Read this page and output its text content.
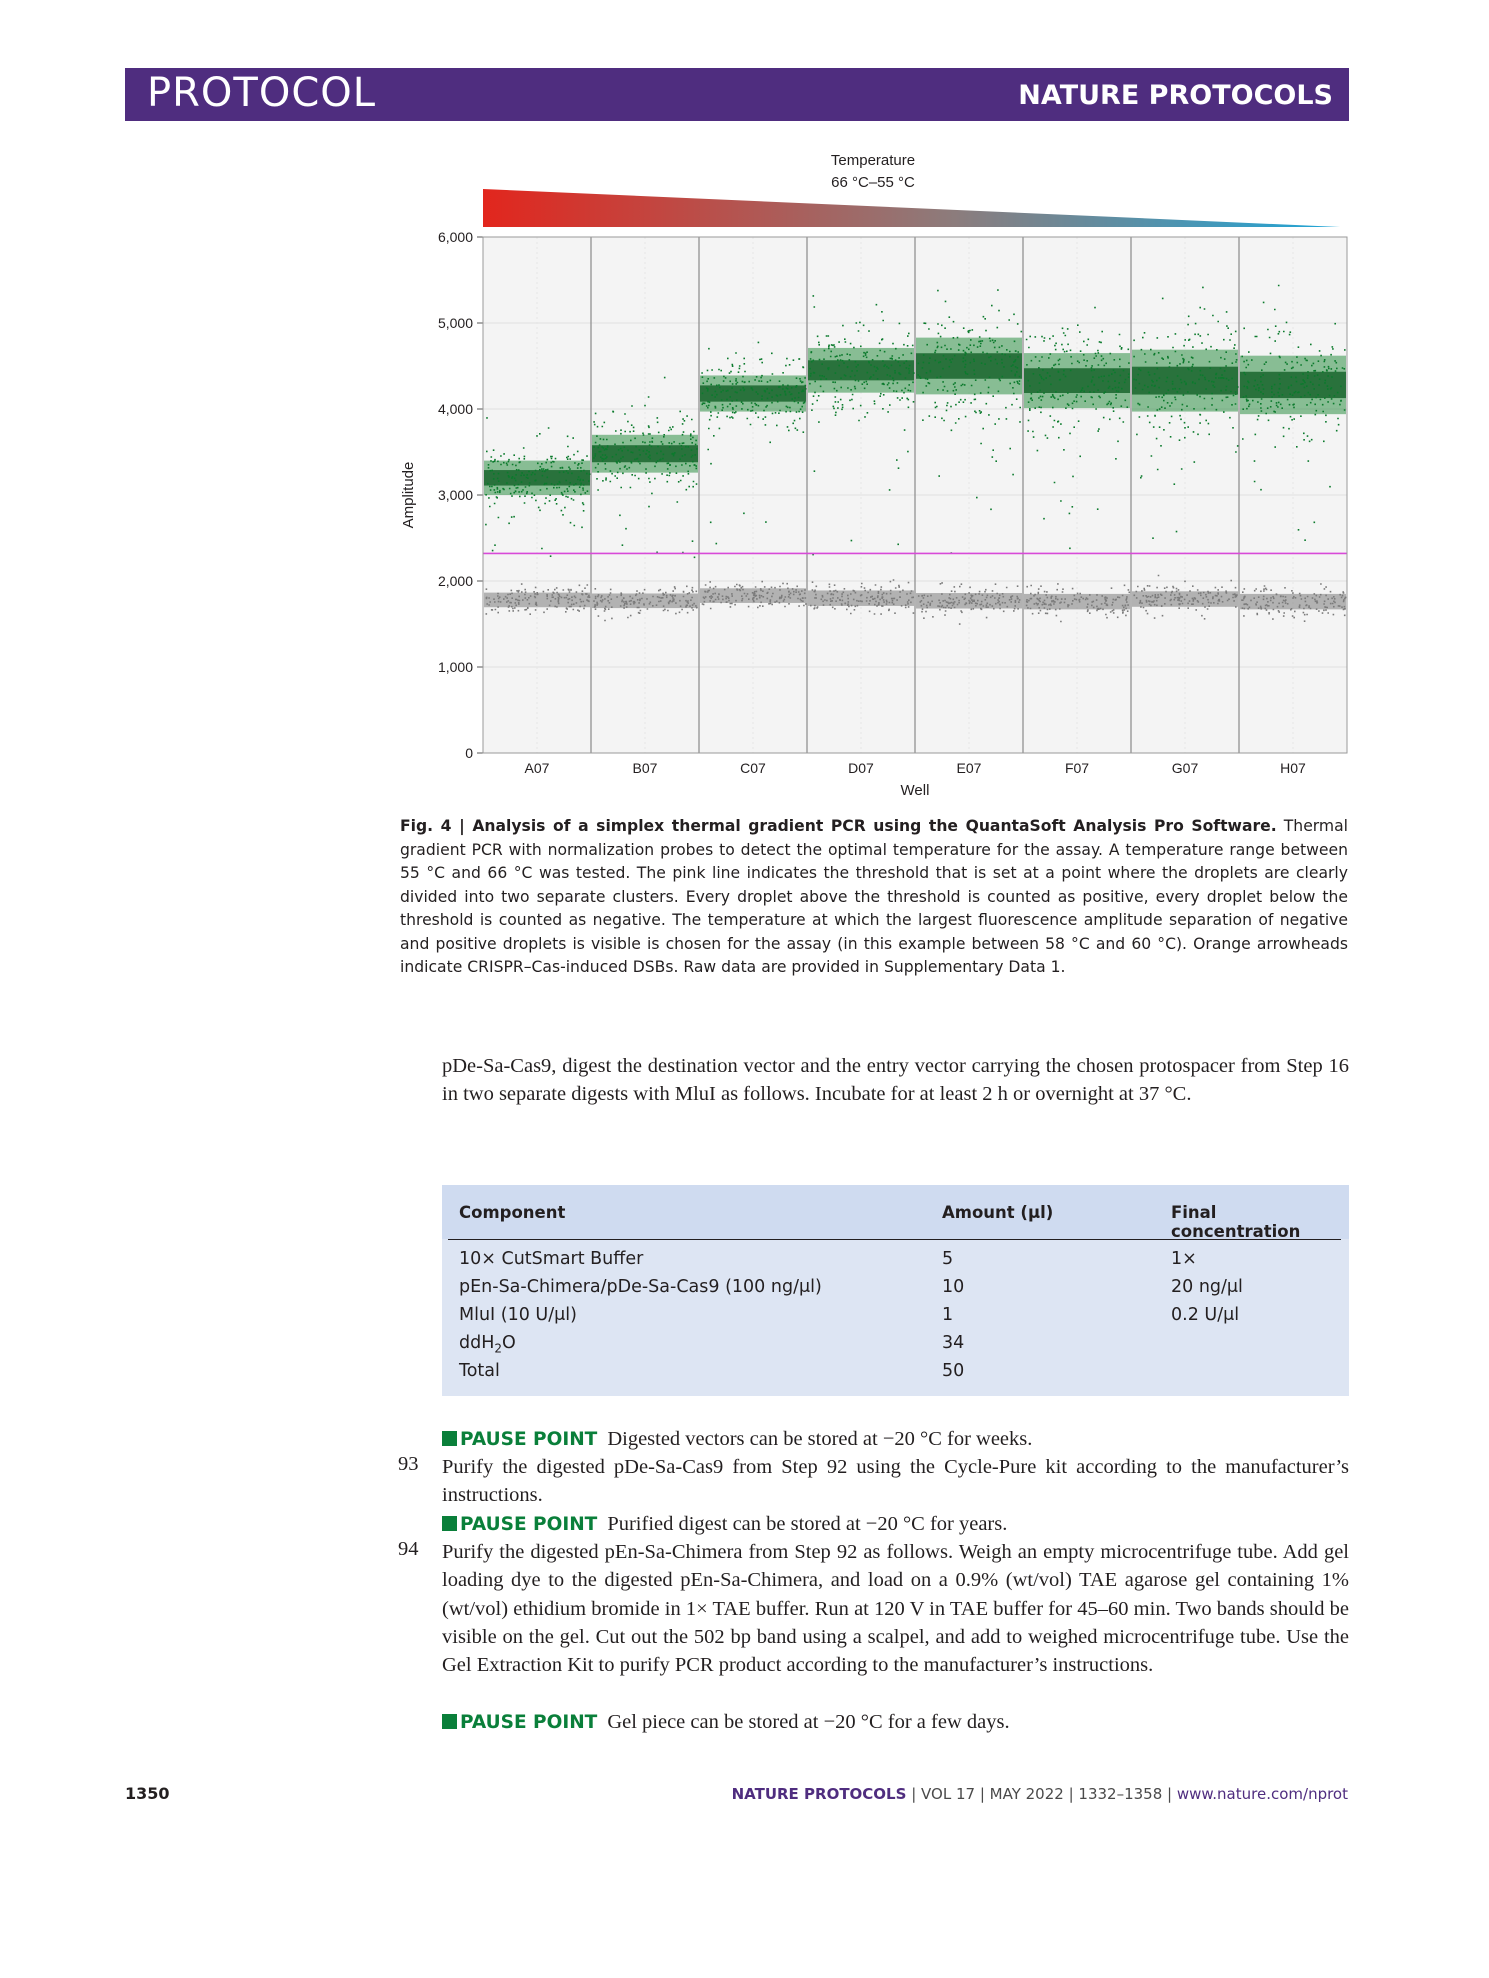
PROTOCOL	NATURE PROTOCOLS
Temperature
66 °C–55 °C
0
1,000
2,000
3,000
4,000
5,000
6,000
Amplitude
A07	B07	C07	D07	E07	F07	G07	H07
Well
Fig. 4 | Analysis of a simplex thermal gradient PCR using the QuantaSoft Analysis Pro Software. Thermal gradient PCR with normalization probes to detect the optimal temperature for the assay. A temperature range between 55 °C and 66 °C was tested. The pink line indicates the threshold that is set at a point where the droplets are clearly divided into two separate clusters. Every droplet above the threshold is counted as positive, every droplet below the threshold is counted as negative. The temperature at which the largest fluorescence amplitude separation of negative and positive droplets is visible is chosen for the assay (in this example between 58 °C and 60 °C). Orange arrowheads indicate CRISPR–Cas-induced DSBs. Raw data are provided in Supplementary Data 1.
pDe-Sa-Cas9, digest the destination vector and the entry vector carrying the chosen protospacer from Step 16 in two separate digests with MluI as follows. Incubate for at least 2 h or overnight at 37 °C.
Component	Amount (μl)	Final concentration
10× CutSmart Buffer	5	1×
pEn-Sa-Chimera/pDe-Sa-Cas9 (100 ng/μl)	10	20 ng/μl
MluI (10 U/μl)	1	0.2 U/μl
ddH$_2$O	34
Total	50
PAUSE POINT Digested vectors can be stored at −20 °C for weeks.
93 Purify the digested pDe-Sa-Cas9 from Step 92 using the Cycle-Pure kit according to the manufacturer’s instructions.
PAUSE POINT Purified digest can be stored at −20 °C for years.
94 Purify the digested pEn-Sa-Chimera from Step 92 as follows. Weigh an empty microcentrifuge tube. Add gel loading dye to the digested pEn-Sa-Chimera, and load on a 0.9% (wt/vol) TAE agarose gel containing 1% (wt/vol) ethidium bromide in 1× TAE buffer. Run at 120 V in TAE buffer for 45–60 min. Two bands should be visible on the gel. Cut out the 502 bp band using a scalpel, and add to weighed microcentrifuge tube. Use the Gel Extraction Kit to purify PCR product according to the manufacturer’s instructions.
PAUSE POINT Gel piece can be stored at −20 °C for a few days.
1350	NATURE PROTOCOLS | VOL 17 | MAY 2022 | 1332–1358 | www.nature.com/nprot
